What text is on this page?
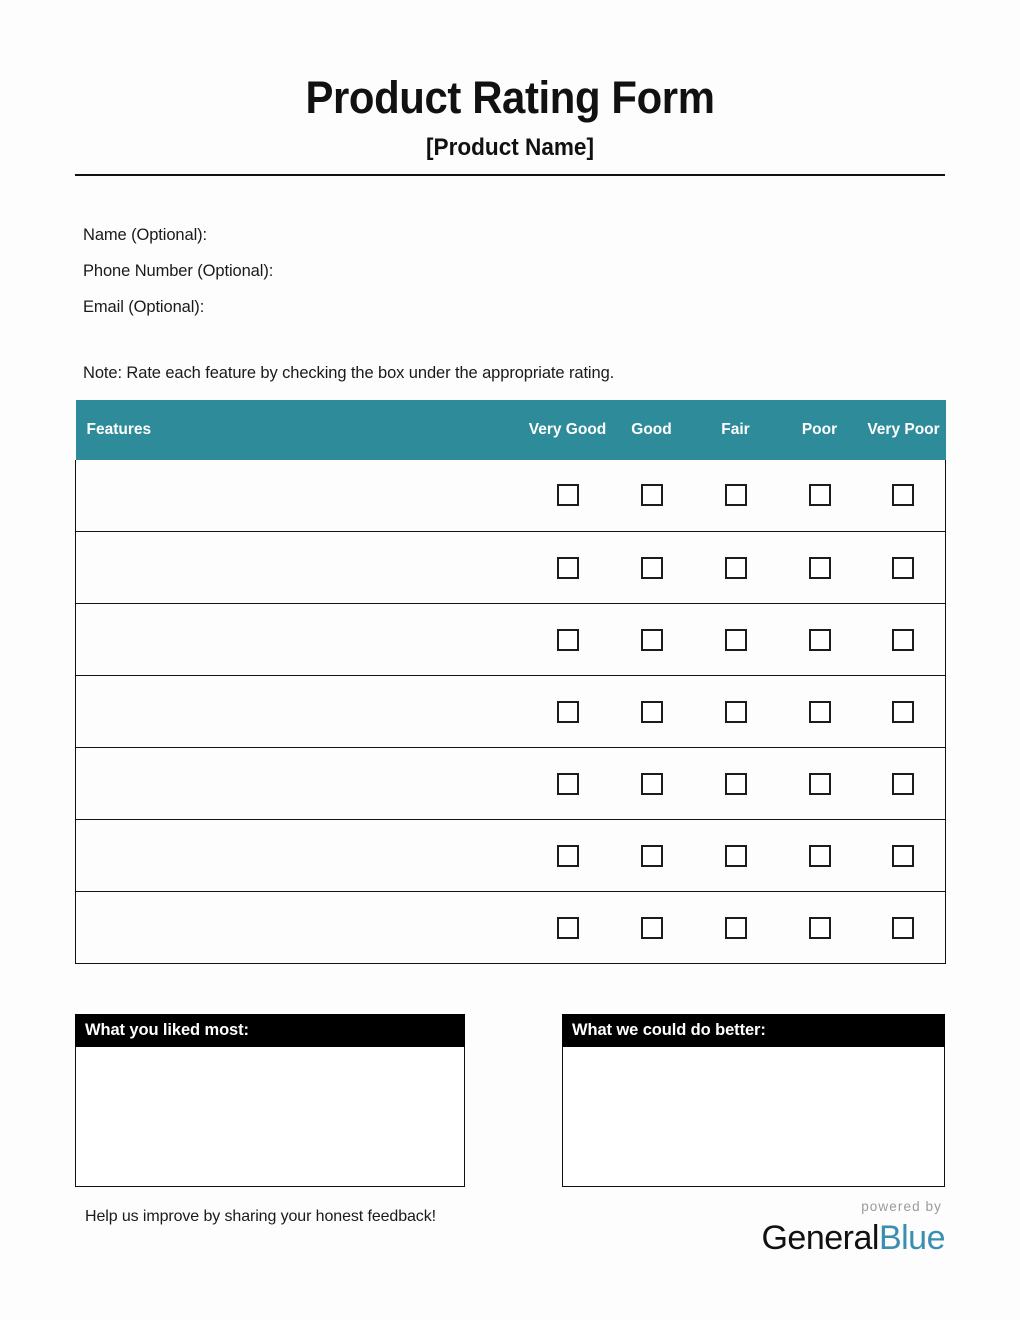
Product Rating Form
[Product Name]
Name (Optional):
Phone Number (Optional):
Email (Optional):
Note: Rate each feature by checking the box under the appropriate rating.
Features	Very Good	Good	Fair	Poor	Very Poor

What you liked most:	What we could do better:
Help us improve by sharing your honest feedback!
powered by
GeneralBlue
